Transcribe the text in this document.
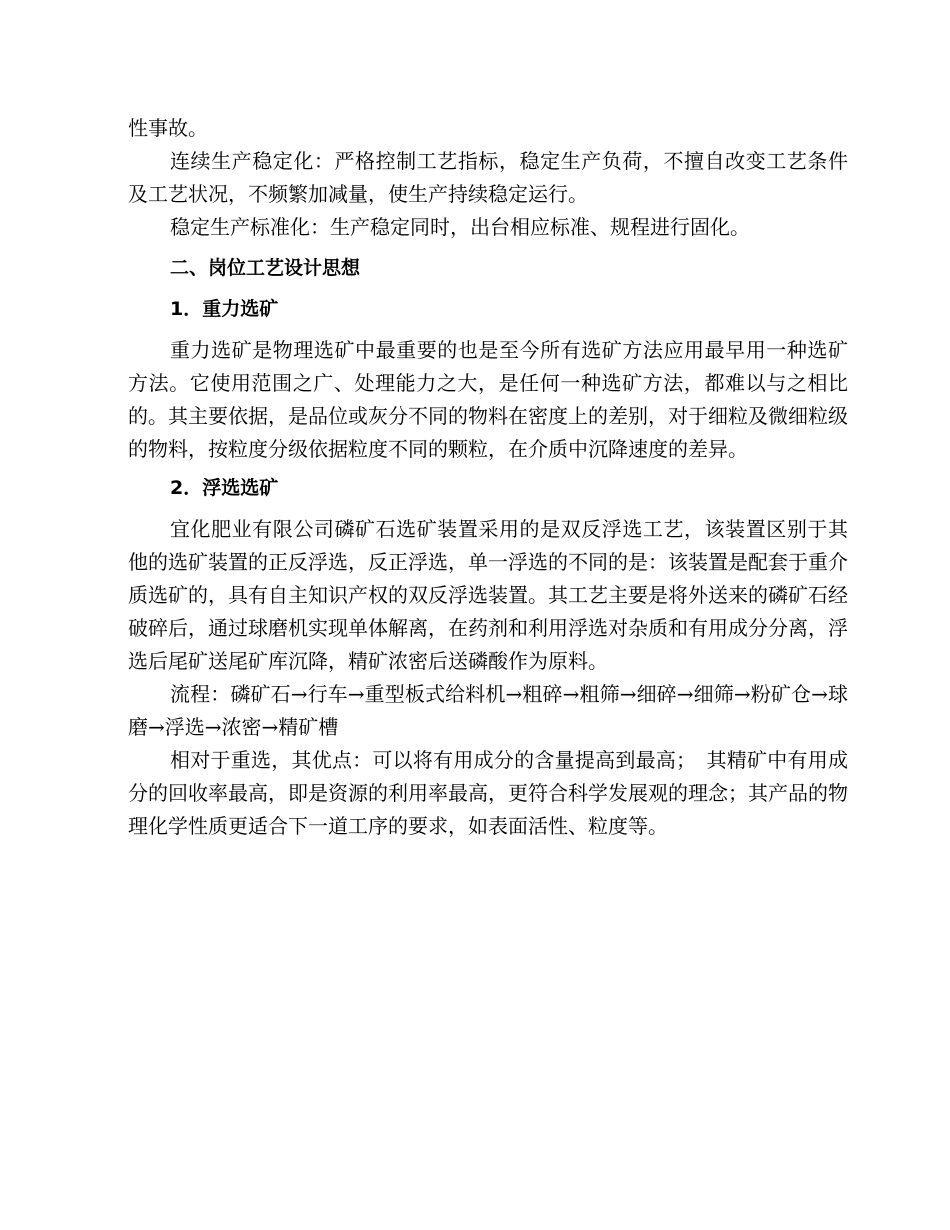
性事故。

连续生产稳定化：严格控制工艺指标，稳定生产负荷，不擅自改变工艺条件及工艺状况，不频繁加减量，使生产持续稳定运行。

稳定生产标准化：生产稳定同时，出台相应标准、规程进行固化。

二、岗位工艺设计思想

1．重力选矿

重力选矿是物理选矿中最重要的也是至今所有选矿方法应用最早用一种选矿方法。它使用范围之广、处理能力之大，是任何一种选矿方法，都难以与之相比的。其主要依据，是品位或灰分不同的物料在密度上的差别，对于细粒及微细粒级的物料，按粒度分级依据粒度不同的颗粒，在介质中沉降速度的差异。

2．浮选选矿

宜化肥业有限公司磷矿石选矿装置采用的是双反浮选工艺，该装置区别于其他的选矿装置的正反浮选，反正浮选，单一浮选的不同的是：该装置是配套于重介质选矿的，具有自主知识产权的双反浮选装置。其工艺主要是将外送来的磷矿石经破碎后，通过球磨机实现单体解离，在药剂和利用浮选对杂质和有用成分分离，浮选后尾矿送尾矿库沉降，精矿浓密后送磷酸作为原料。

流程：磷矿石→行车→重型板式给料机→粗碎→粗筛→细碎→细筛→粉矿仓→球磨→浮选→浓密→精矿槽

相对于重选，其优点：可以将有用成分的含量提高到最高；　其精矿中有用成分的回收率最高，即是资源的利用率最高，更符合科学发展观的理念；其产品的物理化学性质更适合下一道工序的要求，如表面活性、粒度等。
